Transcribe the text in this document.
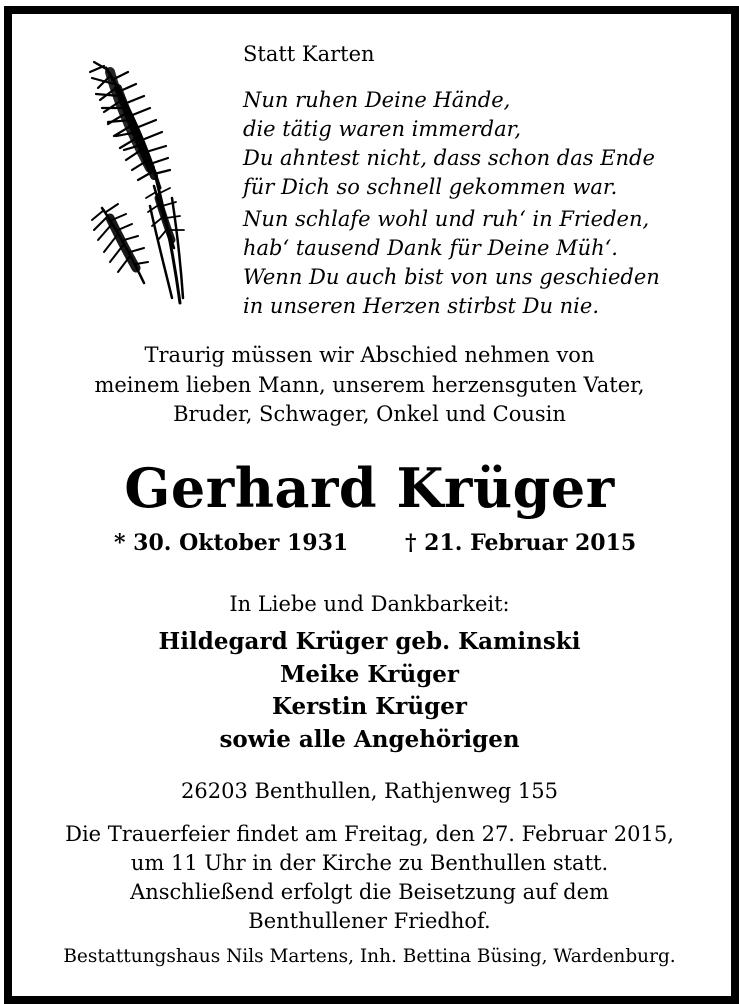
Statt Karten
Nun ruhen Deine Hände,
die tätig waren immerdar,
Du ahntest nicht, dass schon das Ende
für Dich so schnell gekommen war.
Nun schlafe wohl und ruh‘ in Frieden,
hab‘ tausend Dank für Deine Müh‘.
Wenn Du auch bist von uns geschieden
in unseren Herzen stirbst Du nie.
Traurig müssen wir Abschied nehmen von
meinem lieben Mann, unserem herzensguten Vater,
Bruder, Schwager, Onkel und Cousin
Gerhard Krüger
* 30. Oktober 1931	† 21. Februar 2015
In Liebe und Dankbarkeit:
Hildegard Krüger geb. Kaminski
Meike Krüger
Kerstin Krüger
sowie alle Angehörigen
26203 Benthullen, Rathjenweg 155
Die Trauerfeier findet am Freitag, den 27. Februar 2015,
um 11 Uhr in der Kirche zu Benthullen statt.
Anschließend erfolgt die Beisetzung auf dem
Benthullener Friedhof.
Bestattungshaus Nils Martens, Inh. Bettina Büsing, Wardenburg.
